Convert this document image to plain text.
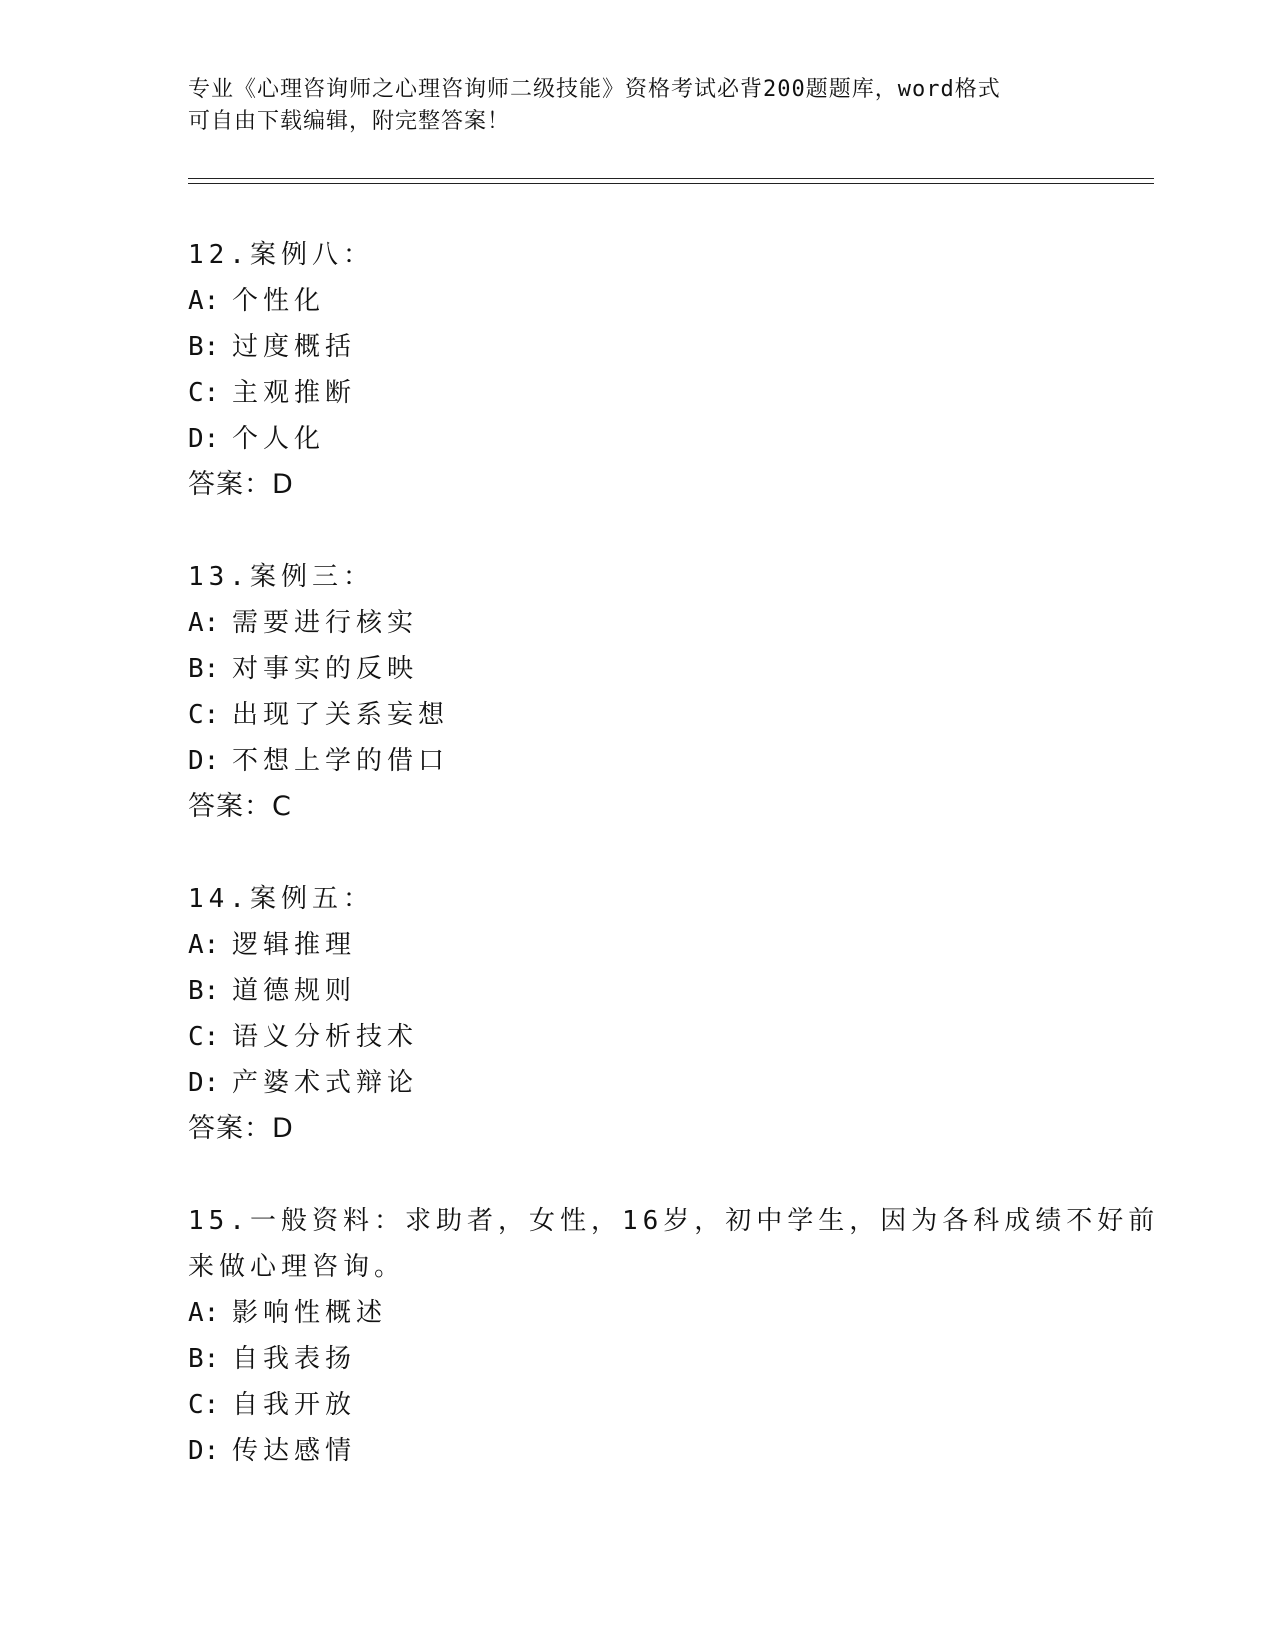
专业《心理咨询师之心理咨询师二级技能》资格考试必背200题题库，word格式
可自由下载编辑，附完整答案！
12.案例八：
A: 个性化
B: 过度概括
C: 主观推断
D: 个人化
答案：D
13.案例三：
A: 需要进行核实
B: 对事实的反映
C: 出现了关系妄想
D: 不想上学的借口
答案：C
14.案例五：
A: 逻辑推理
B: 道德规则
C: 语义分析技术
D: 产婆术式辩论
答案：D
15.一般资料：求助者，女性，16岁，初中学生，因为各科成绩不好前
来做心理咨询。
A: 影响性概述
B: 自我表扬
C: 自我开放
D: 传达感情
